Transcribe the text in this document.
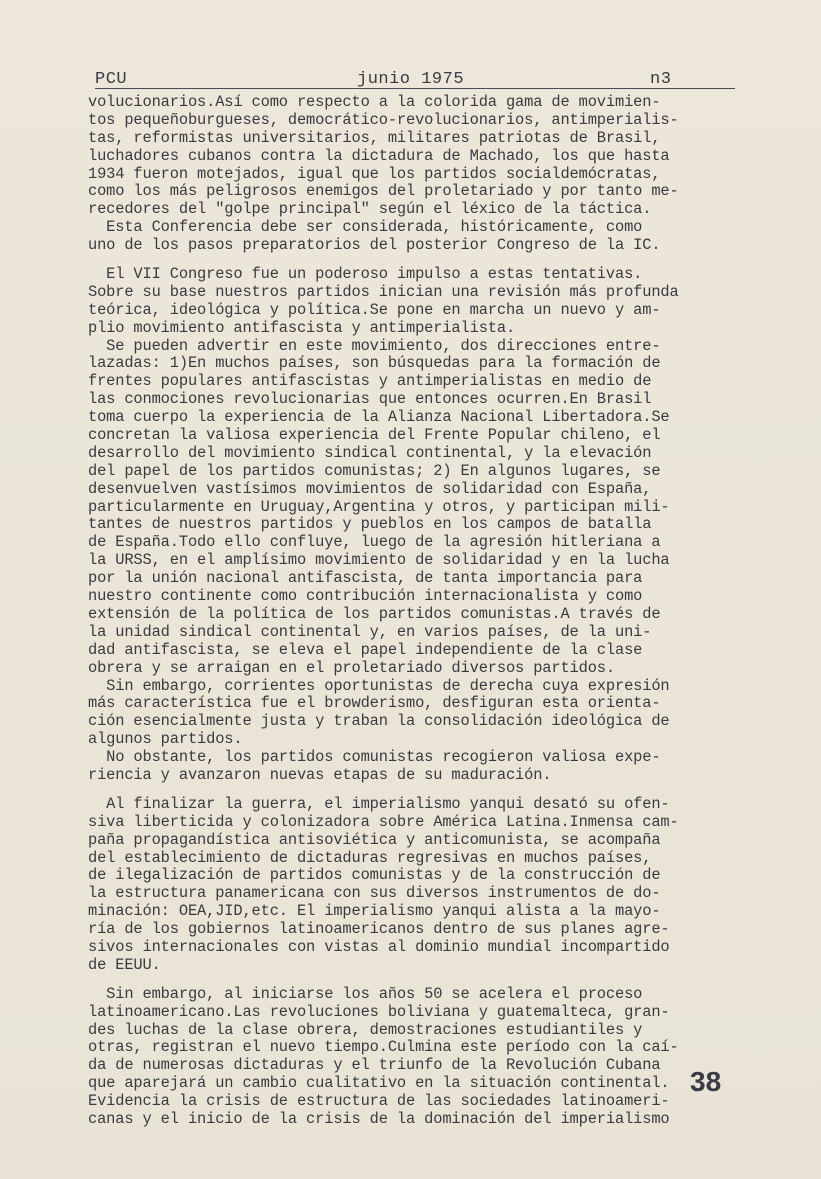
PCU	junio 1975	n3
volucionarios.Así como respecto a la colorida gama de movimien-
tos pequeñoburgueses, democrático-revolucionarios, antimperialis-
tas, reformistas universitarios, militares patriotas de Brasil,
luchadores cubanos contra la dictadura de Machado, los que hasta
1934 fueron motejados, igual que los partidos socialdemócratas,
como los más peligrosos enemigos del proletariado y por tanto me-
recedores del "golpe principal" según el léxico de la táctica.
Esta Conferencia debe ser considerada, históricamente, como
uno de los pasos preparatorios del posterior Congreso de la IC.
El VII Congreso fue un poderoso impulso a estas tentativas.
Sobre su base nuestros partidos inician una revisión más profunda
teórica, ideológica y política.Se pone en marcha un nuevo y am-
plio movimiento antifascista y antimperialista.
Se pueden advertir en este movimiento, dos direcciones entre-
lazadas: 1)En muchos países, son búsquedas para la formación de
frentes populares antifascistas y antimperialistas en medio de
las conmociones revolucionarias que entonces ocurren.En Brasil
toma cuerpo la experiencia de la Alianza Nacional Libertadora.Se
concretan la valiosa experiencia del Frente Popular chileno, el
desarrollo del movimiento sindical continental, y la elevación
del papel de los partidos comunistas; 2) En algunos lugares, se
desenvuelven vastísimos movimientos de solidaridad con España,
particularmente en Uruguay,Argentina y otros, y participan mili-
tantes de nuestros partidos y pueblos en los campos de batalla
de España.Todo ello confluye, luego de la agresión hitleriana a
la URSS, en el amplísimo movimiento de solidaridad y en la lucha
por la unión nacional antifascista, de tanta importancia para
nuestro continente como contribución internacionalista y como
extensión de la política de los partidos comunistas.A través de
la unidad sindical continental y, en varios países, de la uni-
dad antifascista, se eleva el papel independiente de la clase
obrera y se arraigan en el proletariado diversos partidos.
Sin embargo, corrientes oportunistas de derecha cuya expresión
más característica fue el browderismo, desfiguran esta orienta-
ción esencialmente justa y traban la consolidación ideológica de
algunos partidos.
No obstante, los partidos comunistas recogieron valiosa expe-
riencia y avanzaron nuevas etapas de su maduración.
Al finalizar la guerra, el imperialismo yanqui desató su ofen-
siva liberticida y colonizadora sobre América Latina.Inmensa cam-
paña propagandística antisoviética y anticomunista, se acompaña
del establecimiento de dictaduras regresivas en muchos países,
de ilegalización de partidos comunistas y de la construcción de
la estructura panamericana con sus diversos instrumentos de do-
minación: OEA,JID,etc. El imperialismo yanqui alista a la mayo-
ría de los gobiernos latinoamericanos dentro de sus planes agre-
sivos internacionales con vistas al dominio mundial incompartido
de EEUU.
Sin embargo, al iniciarse los años 50 se acelera el proceso
latinoamericano.Las revoluciones boliviana y guatemalteca, gran-
des luchas de la clase obrera, demostraciones estudiantiles y
otras, registran el nuevo tiempo.Culmina este período con la caí-
da de numerosas dictaduras y el triunfo de la Revolución Cubana
que aparejará un cambio cualitativo en la situación continental.
Evidencia la crisis de estructura de las sociedades latinoameri-
canas y el inicio de la crisis de la dominación del imperialismo
38
